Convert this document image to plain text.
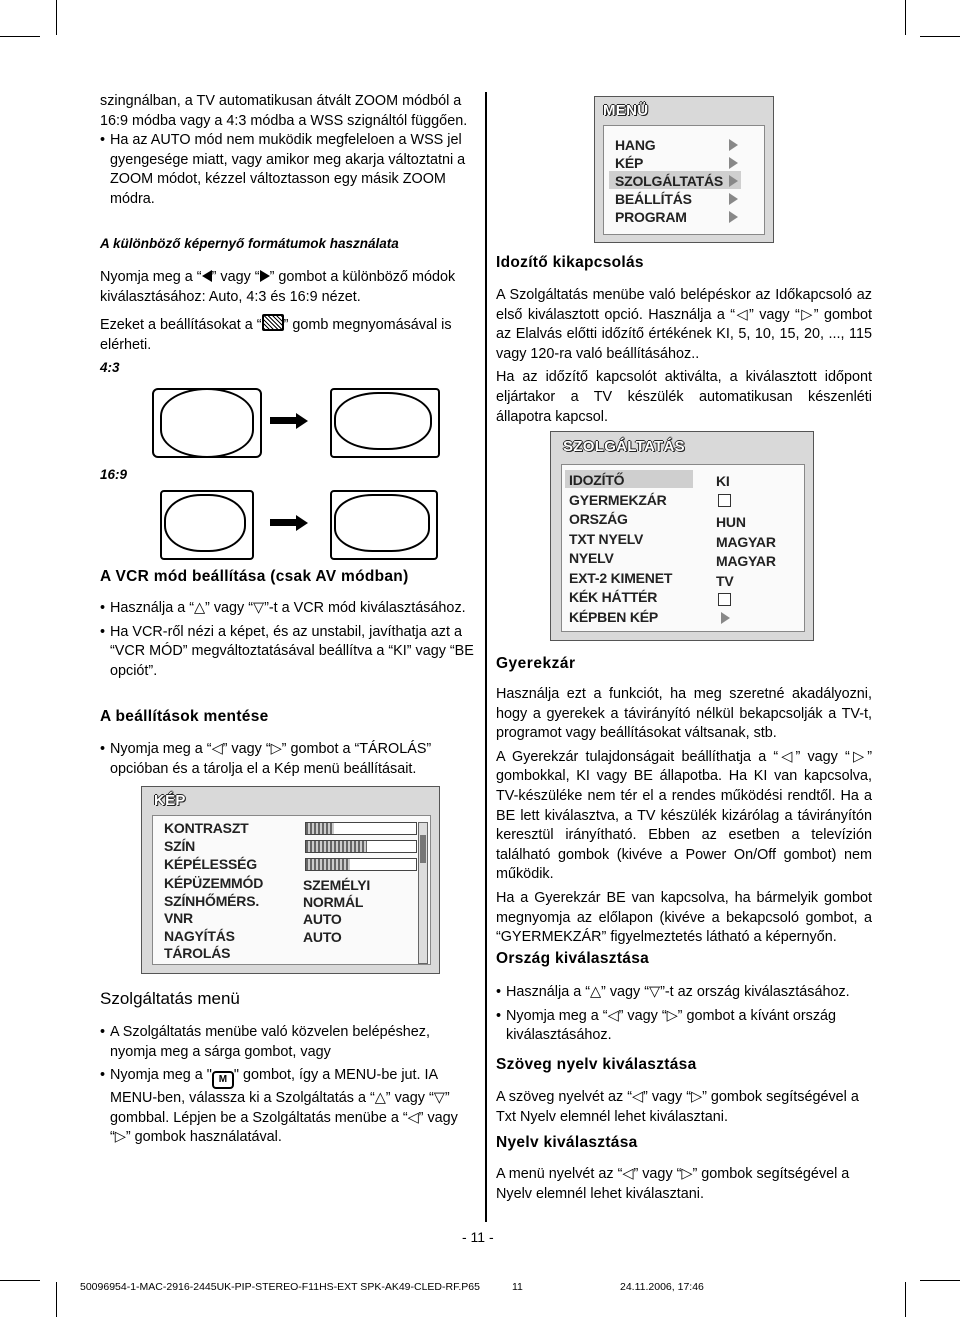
szingnálban, a TV automatikusan átvált ZOOM módból a 16:9 módba vagy a 4:3 módba a WSS szignáltól függően.

• Ha az AUTO mód nem muködik megfeleloen a WSS jel gyengesége miatt, vagy amikor meg akarja változtatni a ZOOM módot, kézzel változtasson egy másik ZOOM módra.

A különböző képernyő formátumok használata
Nyomja meg a “ ” vagy “ ” gombot a különböző módok kiválasztásához: Auto, 4:3 és 16:9 nézet.
Ezeket a beállításokat a “ ” gomb megnyomásával is elérheti.
4:3
16:9
A VCR mód beállítása (csak AV módban)

• Használja a “△” vagy “▽”-t a VCR mód kiválasztásához.

• Ha VCR-ről nézi a képet, és az unstabil, javíthatja azt a “VCR MÓD” megváltoztatásával beállítva a “KI” vagy “BE opciót”.

A beállítások mentése

• Nyomja meg a “◁” vagy “▷” gombot a “TÁROLÁS” opcióban és a tárolja el a Kép menü beállításait.

KÉP
KONTRASZT
SZÍN
KÉPÉLESSÉG
KÉPÜZEMMÓD
SZÍNHŐMÉRS.
VNR
NAGYÍTÁS
TÁROLÁS
SZEMÉLYI
NORMÁL
AUTO
AUTO
Szolgáltatás menü

• A Szolgáltatás menübe való közvelen belépéshez, nyomja meg a sárga gombot, vagy

• Nyomja meg a " M " gombot, így a MENU-be jut. IA MENU-ben, válassza ki a Szolgáltatás a “△” vagy “▽” gombbal. Lépjen be a Szolgáltatás menübe a “◁” vagy “▷” gombok használatával.

MENÜ
HANG
KÉP
SZOLGÁLTATÁS
BEÁLLÍTÁS
PROGRAM
Idozítő kikapcsolás

A Szolgáltatás menübe való belépéskor az Időkapcsoló az első kiválasztott opció. Használja a “◁” vagy “▷” gombot az Elalvás előtti időzítő értékének KI, 5, 10, 15, 20, ..., 115 vagy 120-ra való beállításához..

Ha az időzítő kapcsolót aktiválta, a kiválasztott időpont eljártakor a TV készülék automatikusan készenléti állapotra kapcsol.

SZOLGÁLTATÁS
IDOZÍTŐ
GYERMEKZÁR
ORSZÁG
TXT NYELV
NYELV
EXT-2 KIMENET
KÉK HÁTTÉR
KÉPBEN KÉP
KI
HUN
MAGYAR
MAGYAR
TV
Gyerekzár

Használja ezt a funkciót, ha meg szeretné akadályozni, hogy a gyerekek a távirányító nélkül bekapcsolják a TV-t, programot vagy beállításokat váltsanak, stb.

A Gyerekzár tulajdonságait beállíthatja a “◁” vagy “▷” gombokkal, KI vagy BE állapotba. Ha KI van kapcsolva, TV-készüléke nem tér el a rendes működési rendtől. Ha a BE lett kiválasztva, a TV készülék kizárólag a távirányítón keresztül irányítható. Ebben az esetben a televízión található gombok (kivéve a Power On/Off gombot) nem működik.

Ha a Gyerekzár BE van kapcsolva, ha bármelyik gombot megnyomja az előlapon (kivéve a bekapcsoló gombot, a “GYERMEKZÁR” figyelmeztetés látható a képernyőn.

Ország kiválasztása

• Használja a “△” vagy “▽”-t az ország kiválasztásához.

• Nyomja meg a “◁” vagy “▷” gombot a kívánt ország kiválasztásához.

Szöveg nyelv kiválasztása
A szöveg nyelvét az “◁” vagy “▷” gombok segítségével a Txt Nyelv elemnél lehet kiválasztani.
Nyelv kiválasztása
A menü nyelvét az “◁” vagy “▷” gombok segítségével a Nyelv elemnél lehet kiválasztani.
- 11 -
50096954-1-MAC-2916-2445UK-PIP-STEREO-F11HS-EXT SPK-AK49-CLED-RF.P65	11	24.11.2006, 17:46
